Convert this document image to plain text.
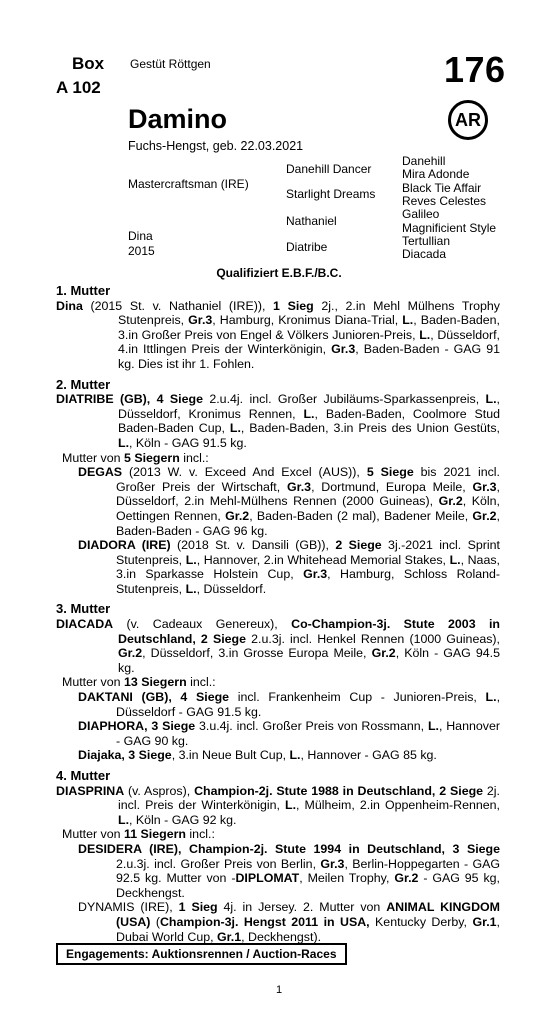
Box
A 102
Gestüt Röttgen	176
Damino	AR
Fuchs-Hengst, geb. 22.03.2021
Mastercraftsman (IRE)
Dina
2015
Danehill Dancer
Starlight Dreams
Nathaniel
Diatribe
Danehill
Mira Adonde
Black Tie Affair
Reves Celestes
Galileo
Magnificient Style
Tertullian
Diacada
Qualifiziert E.B.F./B.C.

1. Mutter

Dina (2015 St. v. Nathaniel (IRE)), 1 Sieg 2j., 2.in Mehl Mülhens Trophy Stutenpreis, Gr.3, Hamburg, Kronimus Diana-Trial, L., Baden-Baden, 3.in Großer Preis von Engel & Völkers Junioren-Preis, L., Düsseldorf, 4.in Ittlingen Preis der Winterkönigin, Gr.3, Baden-Baden - GAG 91 kg. Dies ist ihr 1. Fohlen.

2. Mutter

DIATRIBE (GB), 4 Siege 2.u.4j. incl. Großer Jubiläums-Sparkassenpreis, L., Düsseldorf, Kronimus Rennen, L., Baden-Baden, Coolmore Stud Baden-Baden Cup, L., Baden-Baden, 3.in Preis des Union Gestüts, L., Köln - GAG 91.5 kg.

Mutter von 5 Siegern incl.:

DEGAS (2013 W. v. Exceed And Excel (AUS)), 5 Siege bis 2021 incl. Großer Preis der Wirtschaft, Gr.3, Dortmund, Europa Meile, Gr.3, Düsseldorf, 2.in Mehl-Mülhens Rennen (2000 Guineas), Gr.2, Köln, Oettingen Rennen, Gr.2, Baden-Baden (2 mal), Badener Meile, Gr.2, Baden-Baden - GAG 96 kg.

DIADORA (IRE) (2018 St. v. Dansili (GB)), 2 Siege 3j.-2021 incl. Sprint Stutenpreis, L., Hannover, 2.in Whitehead Memorial Stakes, L., Naas, 3.in Sparkasse Holstein Cup, Gr.3, Hamburg, Schloss Roland-Stutenpreis, L., Düsseldorf.

3. Mutter

DIACADA (v. Cadeaux Genereux), Co-Champion-3j. Stute 2003 in Deutschland, 2 Siege 2.u.3j. incl. Henkel Rennen (1000 Guineas), Gr.2, Düsseldorf, 3.in Grosse Europa Meile, Gr.2, Köln - GAG 94.5 kg.

Mutter von 13 Siegern incl.:

DAKTANI (GB), 4 Siege incl. Frankenheim Cup - Junioren-Preis, L., Düsseldorf - GAG 91.5 kg.

DIAPHORA, 3 Siege 3.u.4j. incl. Großer Preis von Rossmann, L., Hannover - GAG 90 kg.

Diajaka, 3 Siege, 3.in Neue Bult Cup, L., Hannover - GAG 85 kg.

4. Mutter

DIASPRINA (v. Aspros), Champion-2j. Stute 1988 in Deutschland, 2 Siege 2j. incl. Preis der Winterkönigin, L., Mülheim, 2.in Oppenheim-Rennen, L., Köln - GAG 92 kg.

Mutter von 11 Siegern incl.:

DESIDERA (IRE), Champion-2j. Stute 1994 in Deutschland, 3 Siege 2.u.3j. incl. Großer Preis von Berlin, Gr.3, Berlin-Hoppegarten - GAG 92.5 kg. Mutter von -DIPLOMAT, Meilen Trophy, Gr.2 - GAG 95 kg, Deckhengst.

DYNAMIS (IRE), 1 Sieg 4j. in Jersey. 2. Mutter von ANIMAL KINGDOM (USA) (Champion-3j. Hengst 2011 in USA, Kentucky Derby, Gr.1, Dubai World Cup, Gr.1, Deckhengst).

Engagements: Auktionsrennen / Auction-Races
1
